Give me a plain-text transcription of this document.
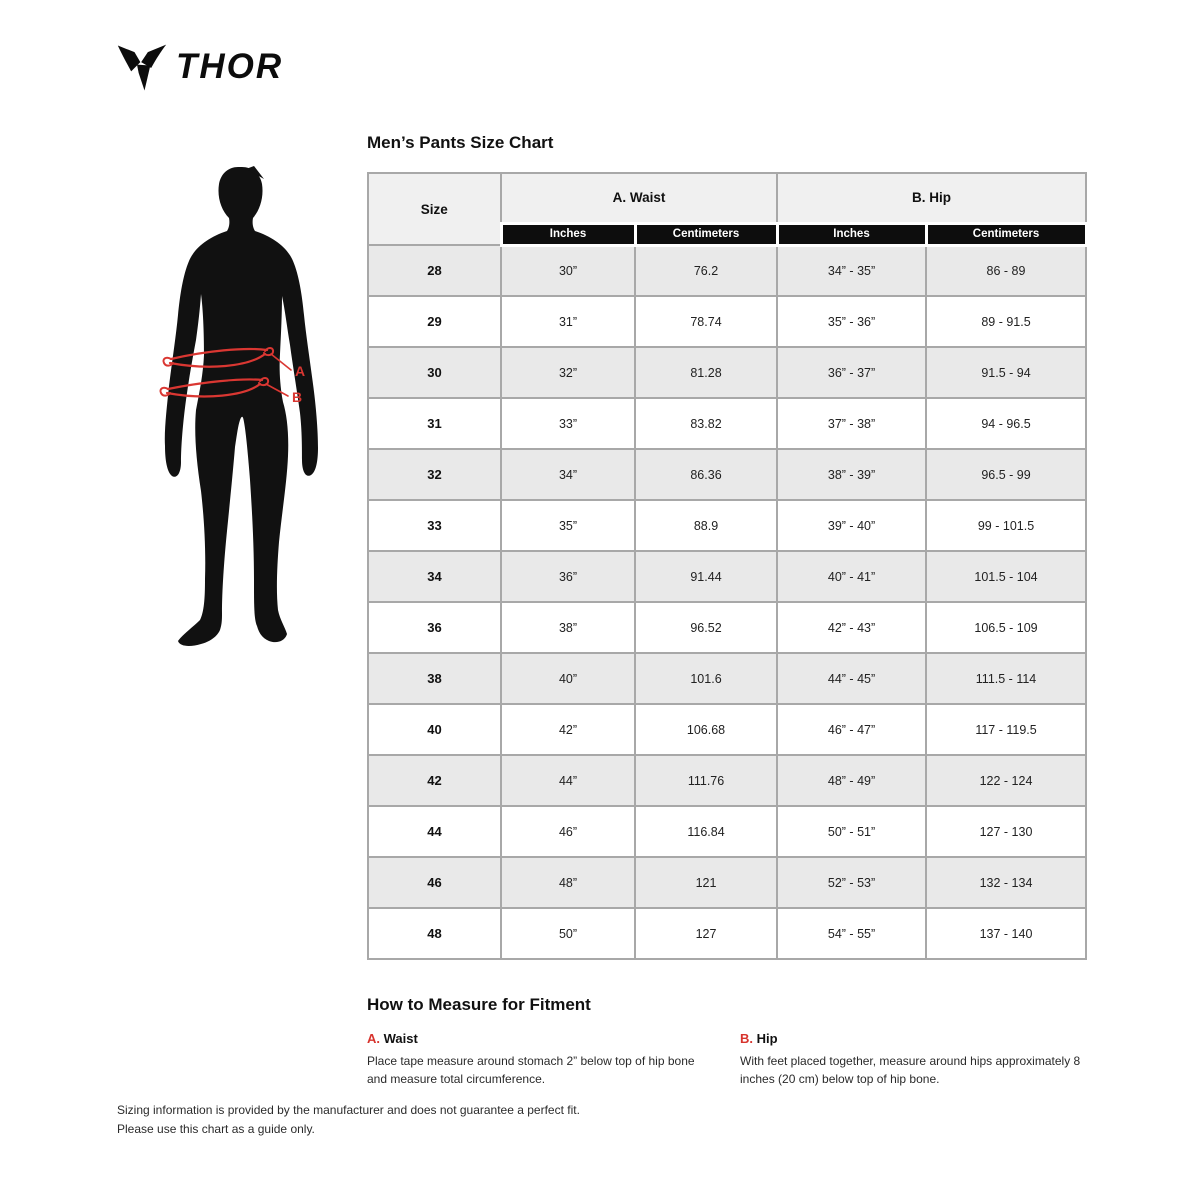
THOR
A
B
Men’s Pants Size Chart
Size	A. Waist		B. Hip	
	Inches	Centimeters	Inches	Centimeters
28	30”	76.2	34” - 35”	86 - 89
29	31”	78.74	35” - 36”	89 - 91.5
30	32”	81.28	36” - 37”	91.5 - 94
31	33”	83.82	37” - 38”	94 - 96.5
32	34”	86.36	38” - 39”	96.5 - 99
33	35”	88.9	39” - 40”	99 - 101.5
34	36”	91.44	40” - 41”	101.5 - 104
36	38”	96.52	42” - 43”	106.5 - 109
38	40”	101.6	44” - 45”	111.5 - 114
40	42”	106.68	46” - 47”	117 - 119.5
42	44”	111.76	48” - 49”	122 - 124
44	46”	116.84	50” - 51”	127 - 130
46	48”	121	52” - 53”	132 - 134
48	50”	127	54” - 55”	137 - 140
How to Measure for Fitment
A. Waist

Place tape measure around stomach 2” below top of hip bone and measure total circumference.

B. Hip

With feet placed together, measure around hips approximately 8 inches (20 cm) below top of hip bone.

Sizing information is provided by the manufacturer and does not guarantee a perfect fit.
Please use this chart as a guide only.
